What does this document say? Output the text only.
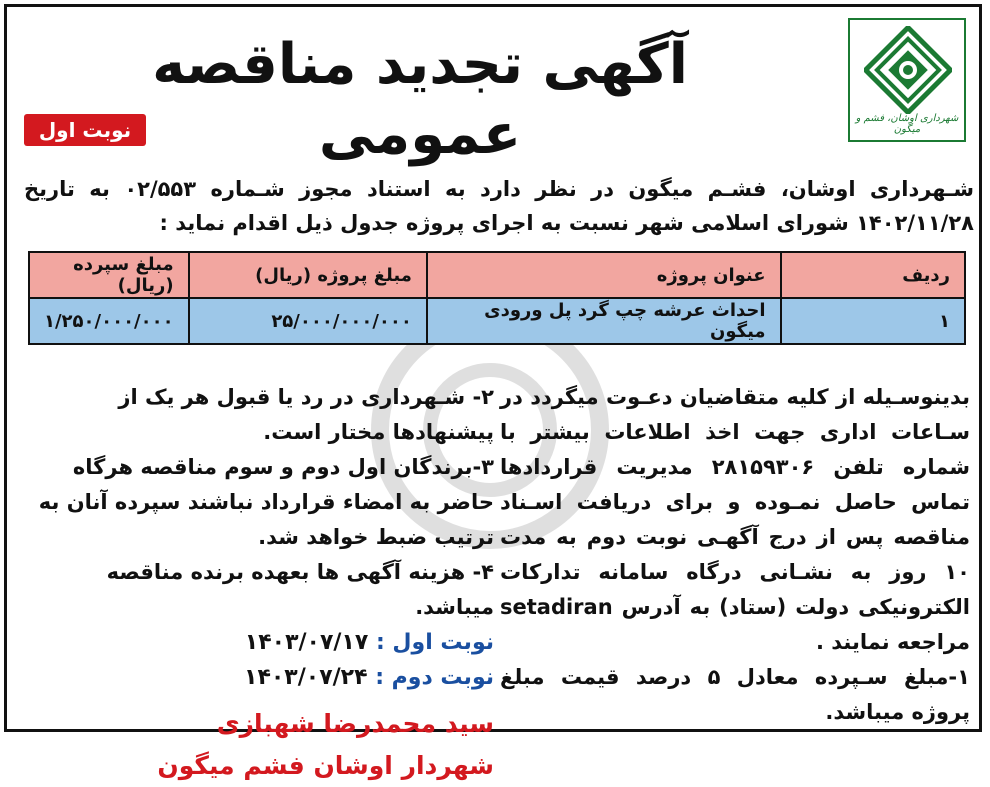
شهرداری اوشان، فشم و میگون
آگهی تجدید مناقصه عمومی
نوبت اول
شـهرداری اوشان، فشـم میگون در نظر دارد به استناد مجوز شـماره ۰۲/۵۵۳ به تاریخ ۱۴۰۲/۱۱/۲۸ شورای اسلامی شهر نسبت به اجرای پروژه جدول ذیل اقدام نماید :
ردیف	عنوان پروژه	مبلغ پروژه (ریال)	مبلغ سپرده (ریال)
۱	احداث عرشه چپ گرد پل ورودی میگون	۲۵/۰۰۰/۰۰۰/۰۰۰	۱/۲۵۰/۰۰۰/۰۰۰

بدینوسـیله از کلیه متقاضیان دعـوت میگردد در سـاعات اداری جهت اخذ اطلاعات بیشتر با شماره تلفن ۲۸۱۵۹۳۰۶ مدیریت قراردادها تماس حاصل نمـوده و برای دریافت اسـناد مناقصه پس از درج آگهـی نوبت دوم به مدت ۱۰ روز به نشـانی درگاه سامانه تدارکات الکترونیکی دولت (ستاد) به آدرس setadiran مراجعه نمایند .

۱-مبلغ سـپرده معادل ۵ درصد قیمت مبلغ پروژه میباشد.

۲- شـهرداری در رد یا قبول هر یک از پیشنهادها مختار است.

۳-برندگان اول دوم و سوم مناقصه هرگاه حاضر به امضاء قرارداد نباشند سپرده آنان به ترتیب ضبط خواهد شد.

۴- هزینه آگهی ها بعهده برنده مناقصه میباشد.

نوبت اول : ۱۴۰۳/۰۷/۱۷

نوبت دوم : ۱۴۰۳/۰۷/۲۴

سید محمدرضا شهبازی
شهردار اوشان فشم میگون
